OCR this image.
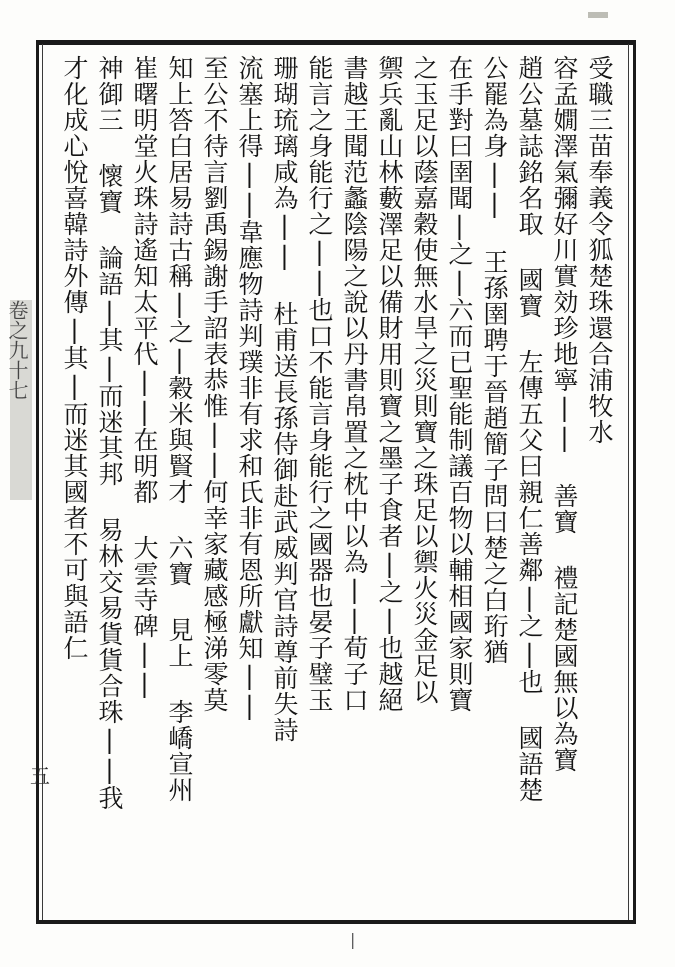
卷之九十七
五
受職三苗奉義令狐楚珠還合浦牧水
容孟嫺澤氣彌好川實効珍地寧|| 善寶 禮記楚國無以為寶
趙公墓誌銘名取 國寶 左傳五父曰親仁善鄰|之|也 國語楚
公罷為身|| 王孫圉聘于晉趙簡子問曰楚之白珩猶
在手對曰圉聞|之|六而已聖能制議百物以輔相國家則寶
之玉足以蔭嘉穀使無水旱之災則寶之珠足以禦火災金足以
禦兵亂山林藪澤足以備財用則寶之墨子食者|之|也越絕
書越王聞范蠡陰陽之說以丹書帛置之枕中以為||荀子口
能言之身能行之||也口不能言身能行之國器也晏子璧玉
珊瑚琉璃咸為|| 杜甫送長孫侍御赴武威判官詩尊前失詩
流塞上得||韋應物詩判璞非有求和氏非有恩所獻知||
至公不待言劉禹錫謝手詔表恭惟||何幸家藏感極涕零莫
知上答白居易詩古稱|之|穀米與賢才 六寶 見上 李嶠宣州
崔曙明堂火珠詩遙知太平代||在明都 大雲寺碑||
神御三 懷寶 論語|其|而迷其邦 易林交易貨貨合珠||我
才化成心悅喜韓詩外傳|其|而迷其國者不可與語仁
|
